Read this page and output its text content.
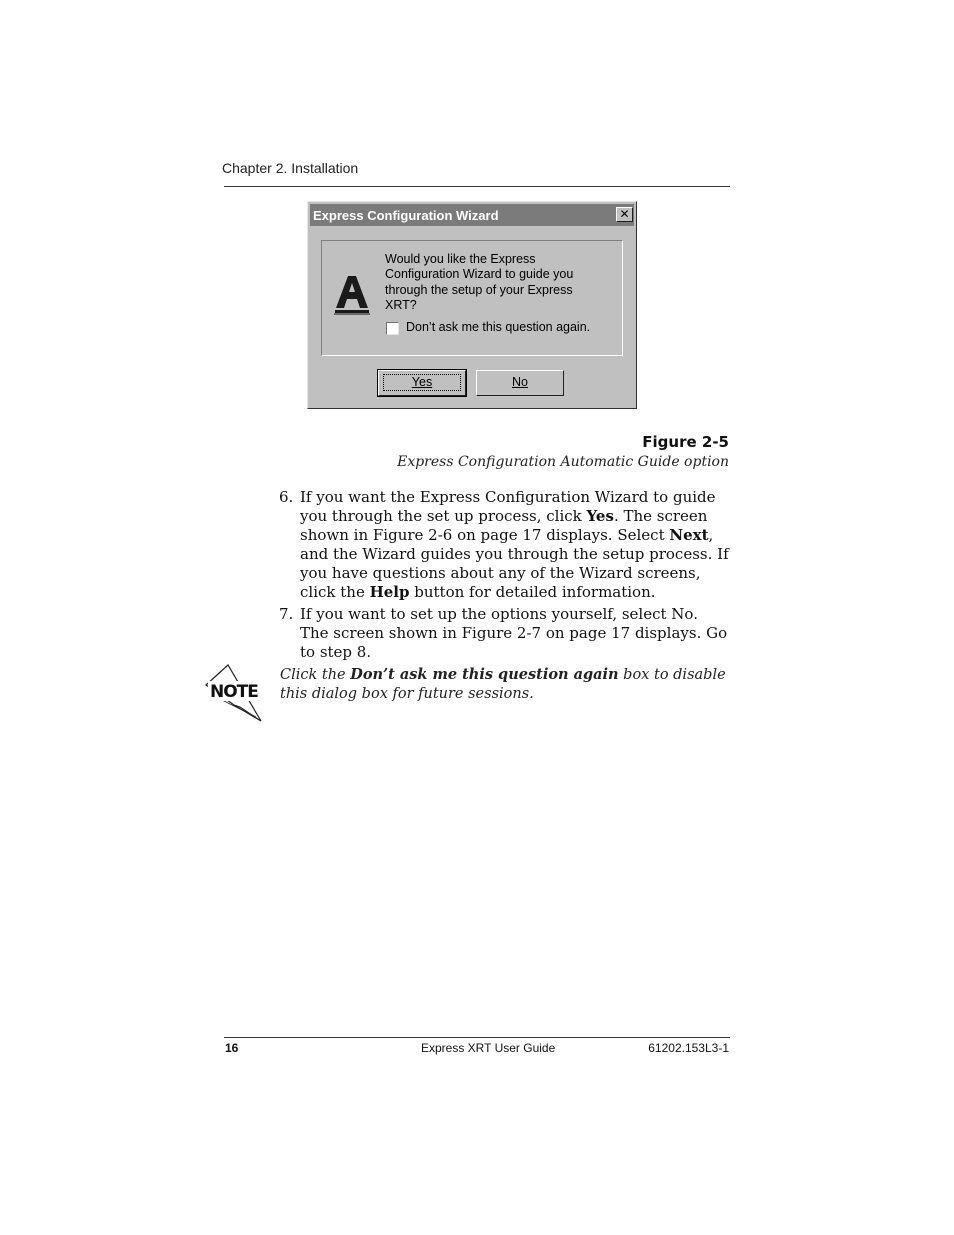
Chapter 2. Installation
Express Configuration Wizard	✕
Would you like the Express Configuration Wizard to guide you through the setup of your Express XRT?
Don’t ask me this question again.
Yes	No
Figure 2-5
Express Configuration Automatic Guide option
6. If you want the Express Configuration Wizard to guide you through the set up process, click Yes. The screen shown in Figure 2-6 on page 17 displays. Select Next, and the Wizard guides you through the setup process. If you have questions about any of the Wizard screens, click the Help button for detailed information.
7. If you want to set up the options yourself, select No. The screen shown in Figure 2-7 on page 17 displays. Go to step 8.
NOTE
Click the Don’t ask me this question again box to disable this dialog box for future sessions.
16	Express XRT User Guide	61202.153L3-1
